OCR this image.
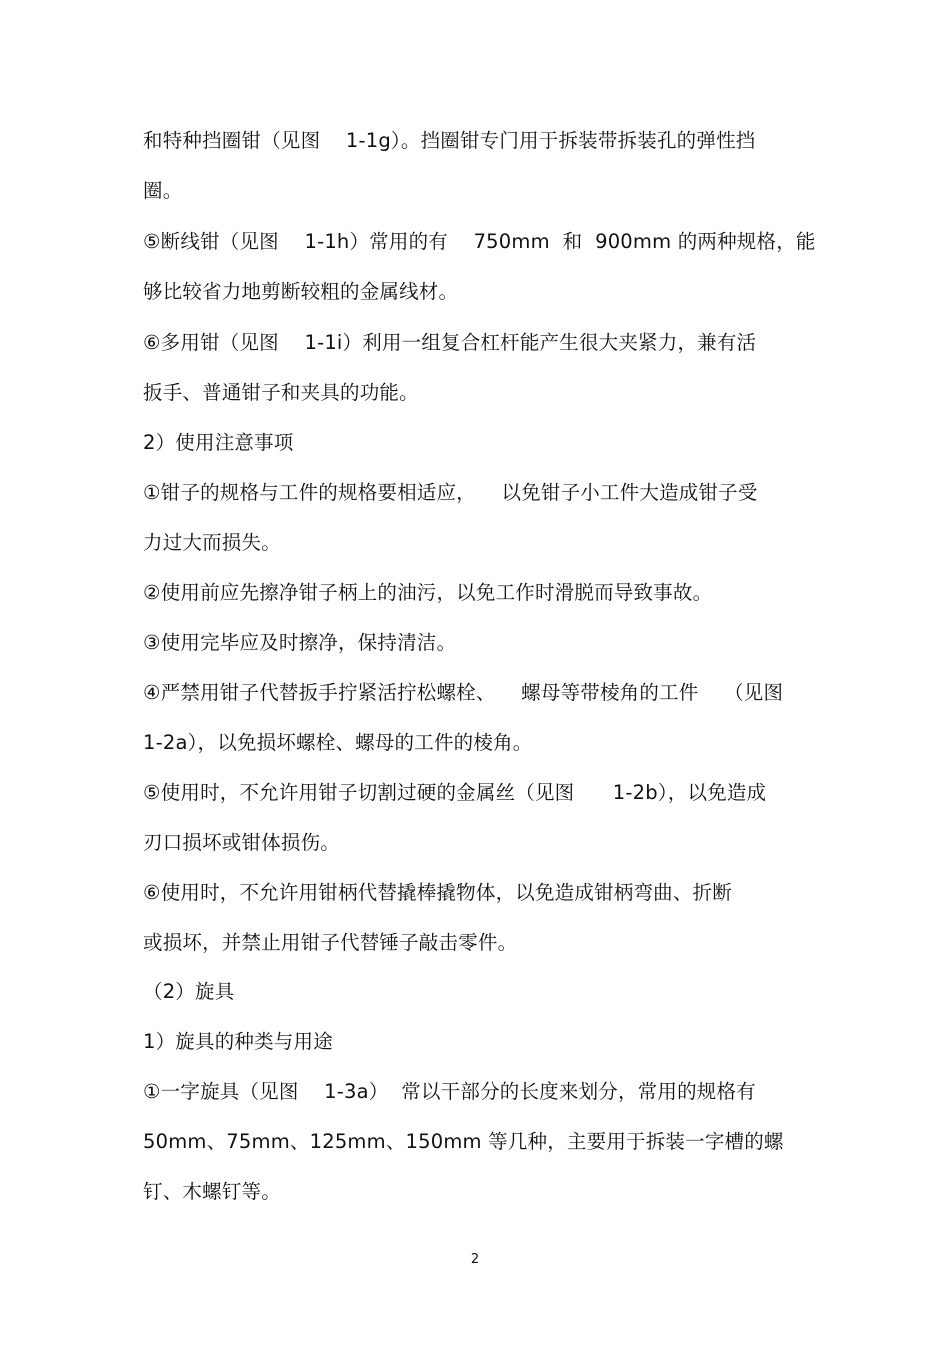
和特种挡圈钳（见图    1-1g）。挡圈钳专门用于拆装带拆装孔的弹性挡
圈。
⑤断线钳（见图    1-1h）常用的有    750mm  和  900mm 的两种规格，能
够比较省力地剪断较粗的金属线材。
⑥多用钳（见图    1-1i）利用一组复合杠杆能产生很大夹紧力，兼有活
扳手、普通钳子和夹具的功能。
2）使用注意事项
①钳子的规格与工件的规格要相适应，    以免钳子小工件大造成钳子受
力过大而损失。
②使用前应先擦净钳子柄上的油污，以免工作时滑脱而导致事故。
③使用完毕应及时擦净，保持清洁。
④严禁用钳子代替扳手拧紧活拧松螺栓、    螺母等带棱角的工件    （见图
1-2a），以免损坏螺栓、螺母的工件的棱角。
⑤使用时，不允许用钳子切割过硬的金属丝（见图      1-2b），以免造成
刃口损坏或钳体损伤。
⑥使用时，不允许用钳柄代替撬棒撬物体，以免造成钳柄弯曲、折断
或损坏，并禁止用钳子代替锤子敲击零件。
（2）旋具
1）旋具的种类与用途
①一字旋具（见图    1-3a）  常以干部分的长度来划分，常用的规格有
50mm、75mm、125mm、150mm 等几种，主要用于拆装一字槽的螺
钉、木螺钉等。
2
